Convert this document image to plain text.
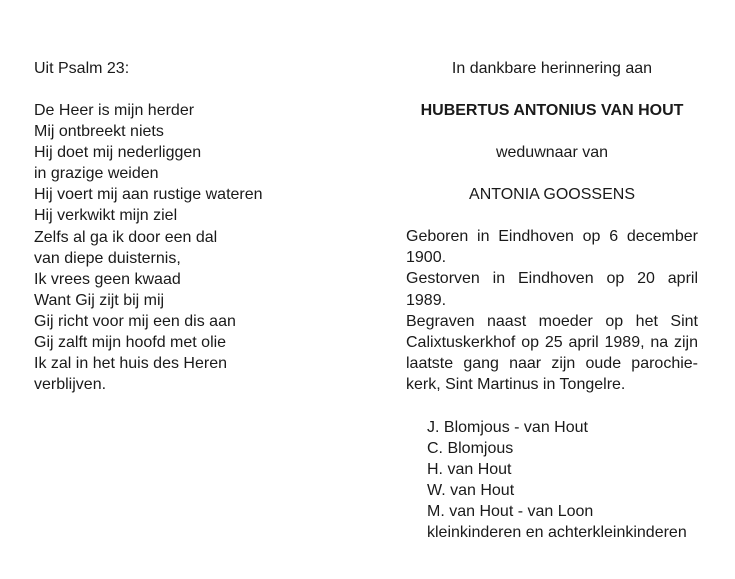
Uit Psalm 23:
De Heer is mijn herder
Mij ontbreekt niets
Hij doet mij nederliggen
in grazige weiden
Hij voert mij aan rustige wateren
Hij verkwikt mijn ziel
Zelfs al ga ik door een dal
van diepe duisternis,
Ik vrees geen kwaad
Want Gij zijt bij mij
Gij richt voor mij een dis aan
Gij zalft mijn hoofd met olie
Ik zal in het huis des Heren
verblijven.
In dankbare herinnering aan
HUBERTUS ANTONIUS VAN HOUT
weduwnaar van
ANTONIA GOOSSENS
Geboren in Eindhoven op 6 december 1900.
Gestorven in Eindhoven op 20 april 1989.
Begraven naast moeder op het Sint Calixtuskerkhof op 25 april 1989, na zijn laatste gang naar zijn oude parochie-kerk, Sint Martinus in Tongelre.
J. Blomjous - van Hout
C. Blomjous
H. van Hout
W. van Hout
M. van Hout - van Loon
kleinkinderen en achterkleinkinderen
